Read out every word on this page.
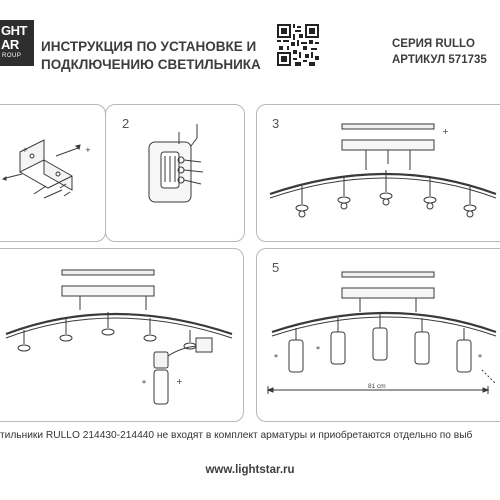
GHT
AR
ROUP
ИНСТРУКЦИЯ ПО УСТАНОВКЕ И
ПОДКЛЮЧЕНИЮ СВЕТИЛЬНИКА
СЕРИЯ RULLO
АРТИКУЛ 571735
+	+
2	3
+
*	+
5
*
*
*
81 cm
тильники RULLO 214430-214440 не входят в комплект арматуры и приобретаются отдельно по выб
www.lightstar.ru
